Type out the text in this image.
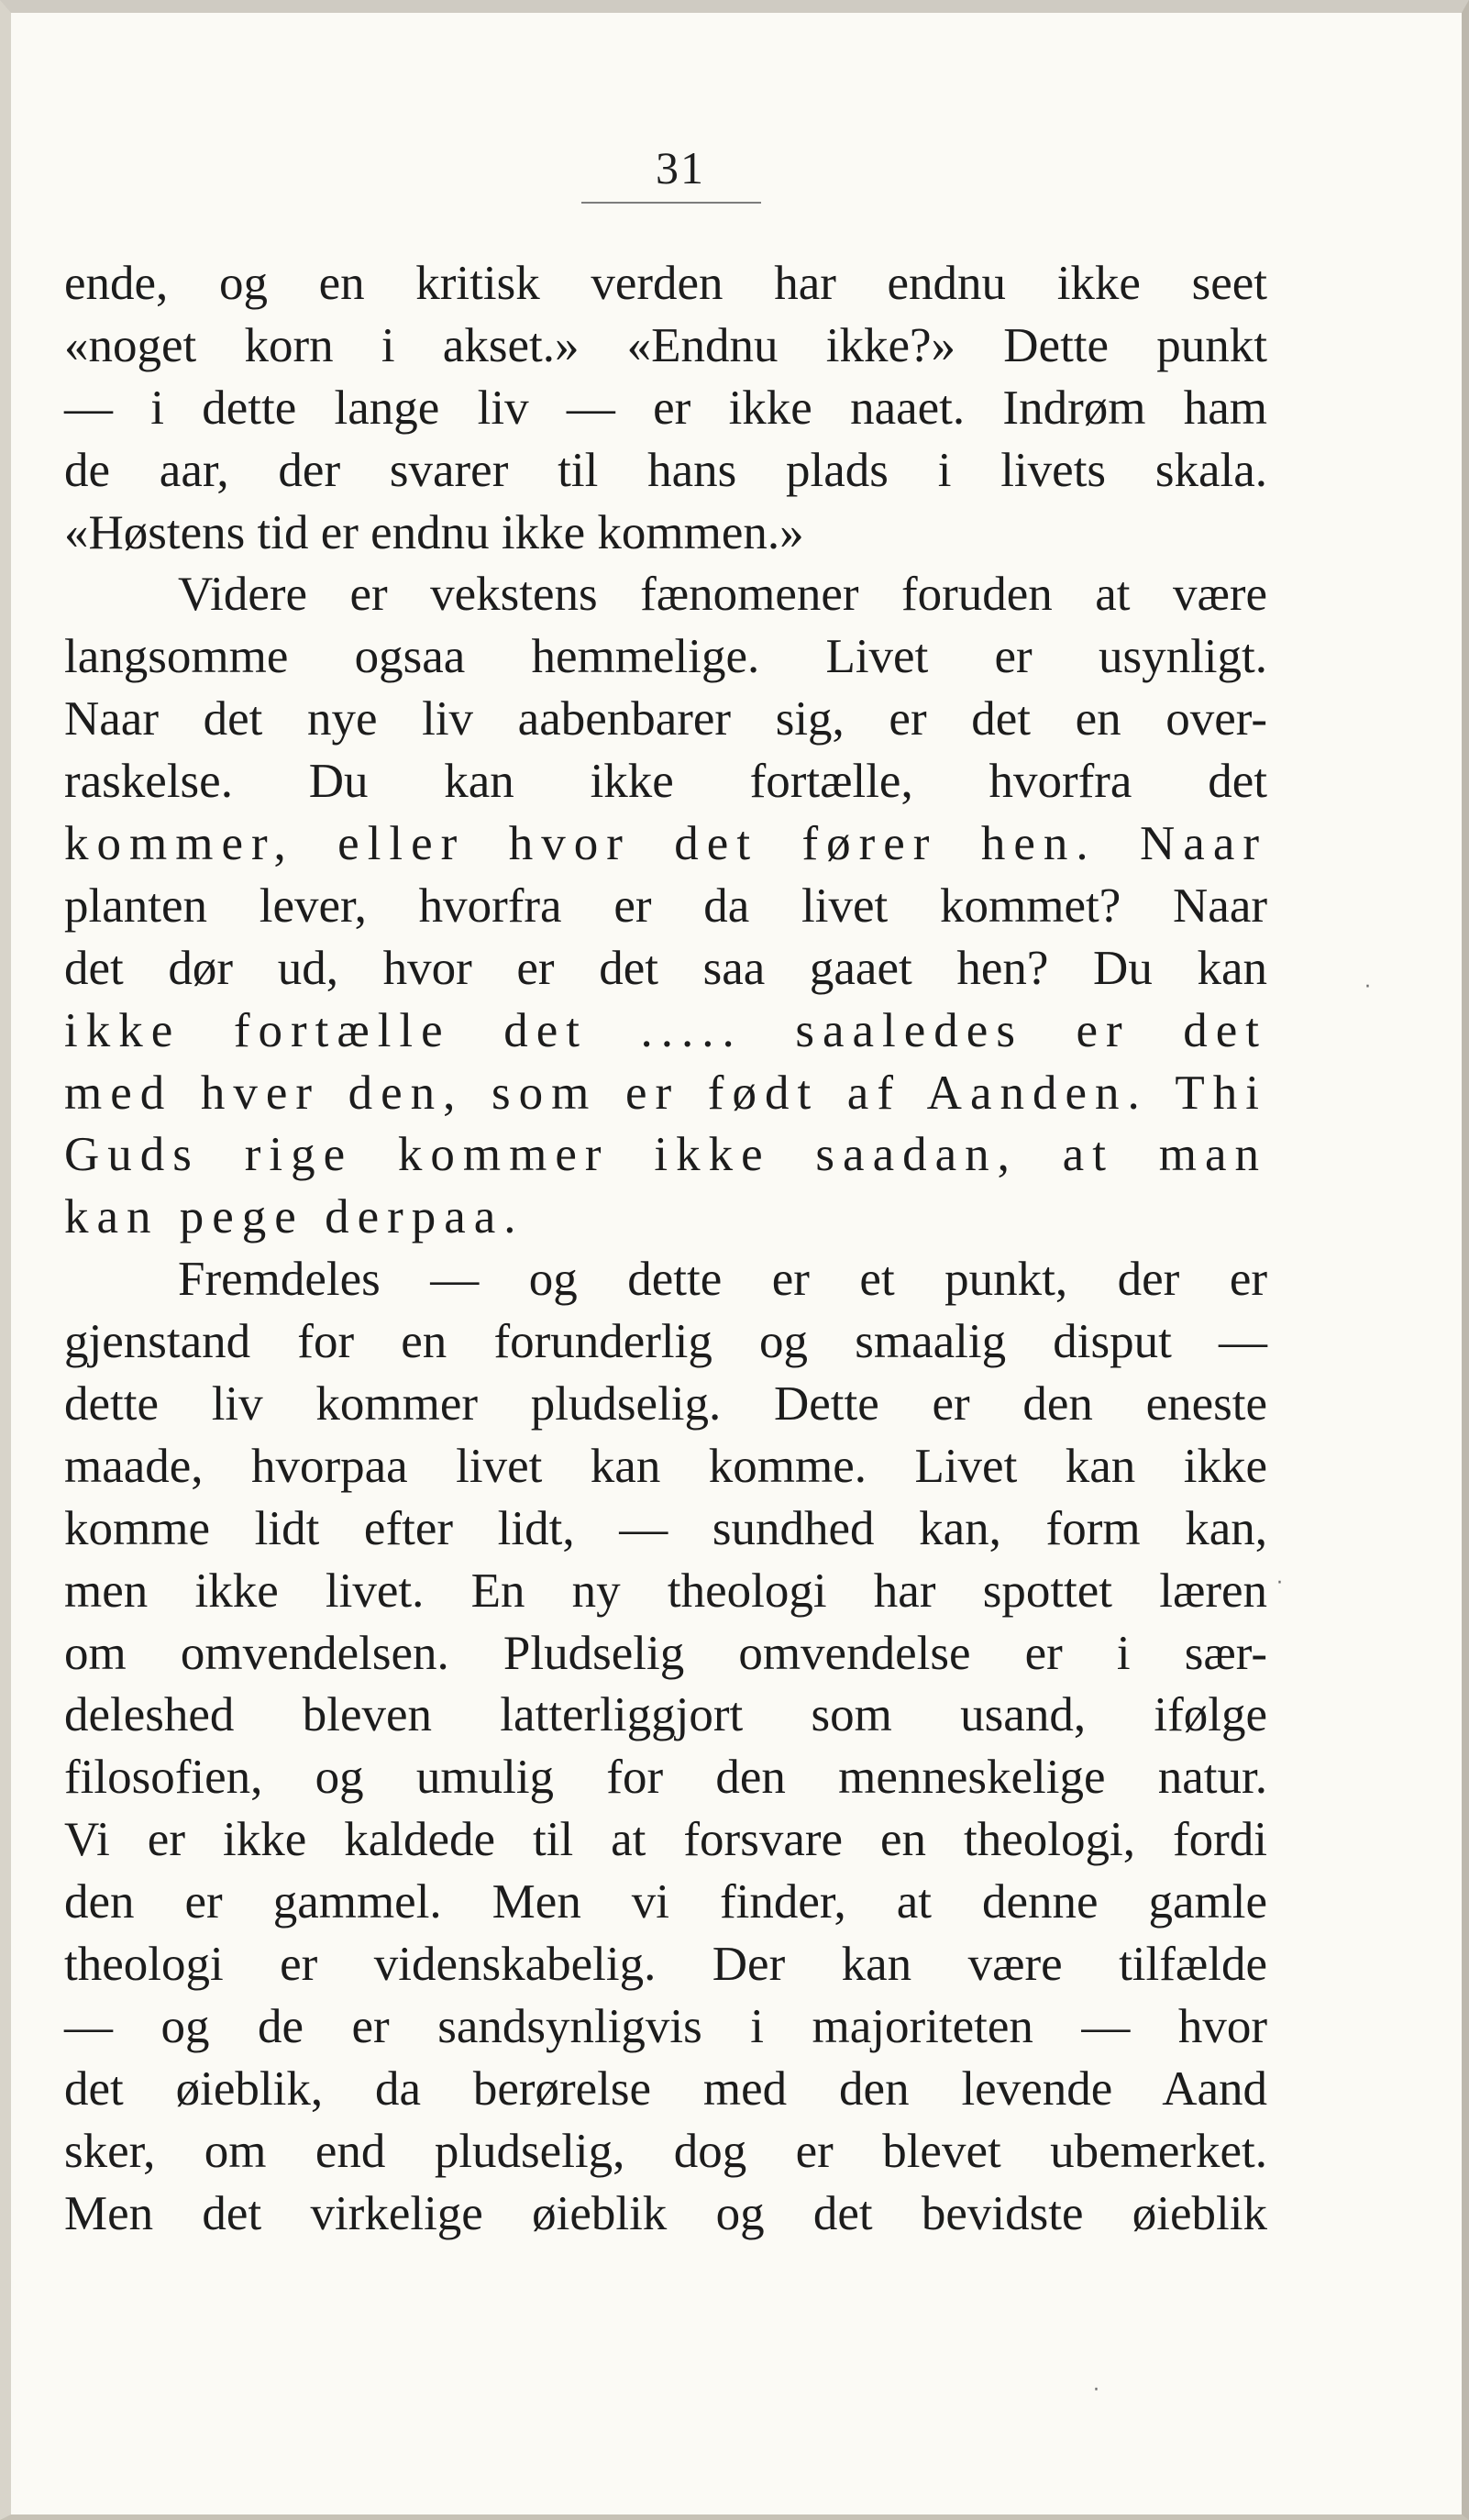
31
ende, og en kritisk verden har endnu ikke seet
«noget korn i akset.» «Endnu ikke?» Dette punkt
— i dette lange liv — er ikke naaet. Indrøm ham
de aar, der svarer til hans plads i livets skala.
«Høstens tid er endnu ikke kommen.»
Videre er vekstens fænomener foruden at være
langsomme ogsaa hemmelige. Livet er usynligt.
Naar det nye liv aabenbarer sig, er det en over-
raskelse. Du kan ikke fortælle, hvorfra det
kommer, eller hvor det fører hen. Naar
planten lever, hvorfra er da livet kommet? Naar
det dør ud, hvor er det saa gaaet hen? Du kan
ikke fortælle det ..... saaledes er det
med hver den, som er født af Aanden. Thi
Guds rige kommer ikke saadan, at man
kan pege derpaa.
Fremdeles — og dette er et punkt, der er
gjenstand for en forunderlig og smaalig disput —
dette liv kommer pludselig. Dette er den eneste
maade, hvorpaa livet kan komme. Livet kan ikke
komme lidt efter lidt, — sundhed kan, form kan,
men ikke livet. En ny theologi har spottet læren
om omvendelsen. Pludselig omvendelse er i sær-
deleshed bleven latterliggjort som usand, ifølge
filosofien, og umulig for den menneskelige natur.
Vi er ikke kaldede til at forsvare en theologi, fordi
den er gammel. Men vi finder, at denne gamle
theologi er videnskabelig. Der kan være tilfælde
— og de er sandsynligvis i majoriteten — hvor
det øieblik, da berørelse med den levende Aand
sker, om end pludselig, dog er blevet ubemerket.
Men det virkelige øieblik og det bevidste øieblik
·
·
·
